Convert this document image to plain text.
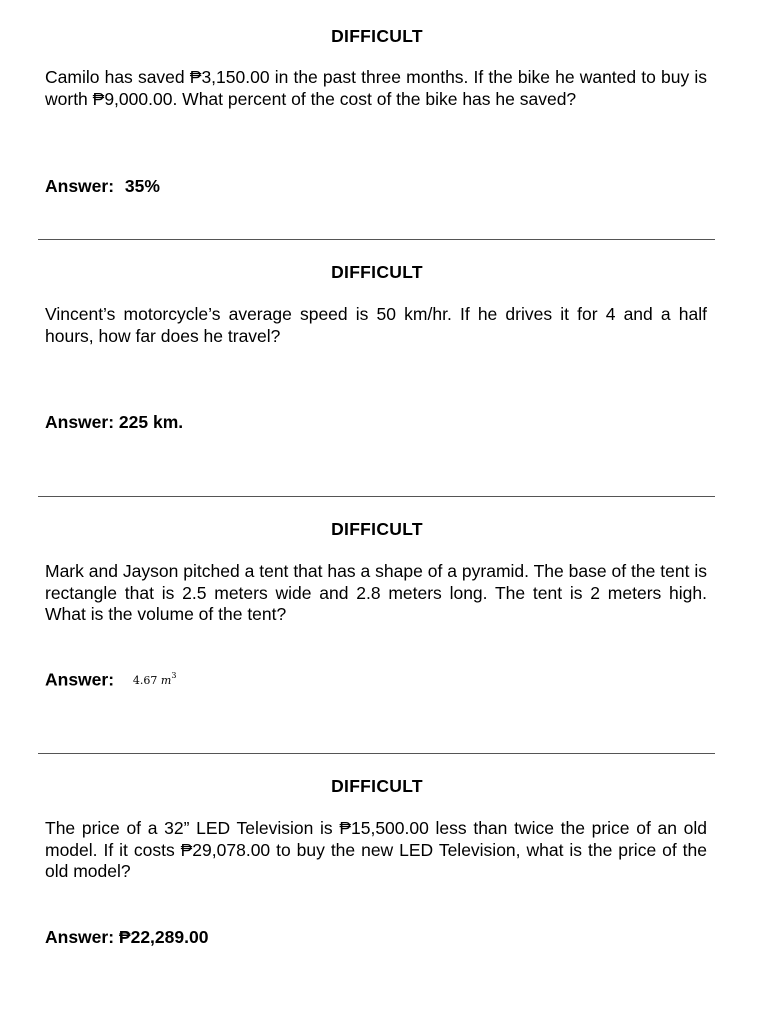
DIFFICULT
Camilo has saved ₱3,150.00 in the past three months. If the bike he wanted to buy is worth ₱9,000.00. What percent of the cost of the bike has he saved?
Answer: 35%
DIFFICULT
Vincent’s motorcycle’s average speed is 50 km/hr. If he drives it for 4 and a half hours, how far does he travel?
Answer: 225 km.
DIFFICULT
Mark and Jayson pitched a tent that has a shape of a pyramid. The base of the tent is rectangle that is 2.5 meters wide and 2.8 meters long. The tent is 2 meters high. What is the volume of the tent?
Answer: 4.67 $m^3$
DIFFICULT
The price of a 32” LED Television is ₱15,500.00 less than twice the price of an old model. If it costs ₱29,078.00 to buy the new LED Television, what is the price of the old model?
Answer: ₱22,289.00
